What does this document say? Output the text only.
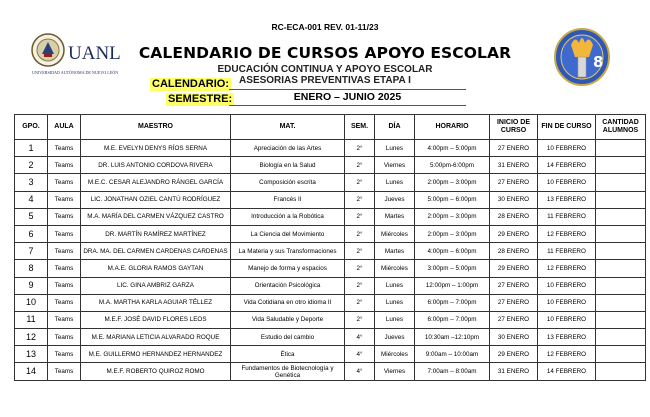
RC-ECA-001 REV. 01-11/23
UANL
UNIVERSIDAD AUTÓNOMA DE NUEVO LEÓN
8
CALENDARIO DE CURSOS APOYO ESCOLAR
EDUCACIÓN CONTINUA Y APOYO ESCOLAR
ASESORIAS PREVENTIVAS ETAPA I
CALENDARIO:
SEMESTRE:	ENERO – JUNIO 2025
GPO.	AULA	MAESTRO	MAT.	SEM.	DÍA	HORARIO	INICIO DE CURSO	FIN DE CURSO	CANTIDAD ALUMNOS
1	Teams	M.E. EVELYN DENYS RÍOS SERNA	Apreciación de las Artes	2°	Lunes	4:00pm – 5:00pm	27 ENERO	10 FEBRERO	
2	Teams	DR. LUIS ANTONIO CORDOVA RIVERA	Biología en la Salud	2°	Viernes	5:00pm-6:00pm	31 ENERO	14 FEBRERO	
3	Teams	M.E.C. CESAR ALEJANDRO RÁNGEL GARCÍA	Composición escrita	2°	Lunes	2:00pm – 3:00pm	27 ENERO	10 FEBRERO	
4	Teams	LIC. JONATHAN OZIEL CANTÚ RODRÍGUEZ	Francés II	2°	Jueves	5:00pm – 6:00pm	30 ENERO	13 FEBRERO	
5	Teams	M.A. MARÍA DEL CARMEN VÁZQUEZ CASTRO	Introducción a la Robótica	2°	Martes	2:00pm – 3:00pm	28 ENERO	11 FEBRERO	
6	Teams	DR. MARTÍN RAMÍREZ MARTÍNEZ	La Ciencia del Movimiento	2°	Miércoles	2:00pm – 3:00pm	29 ENERO	12 FEBRERO	
7	Teams	DRA. MA. DEL CARMEN CARDENAS CARDENAS	La Materia y sus Transformaciones	2°	Martes	4:00pm – 6:00pm	28 ENERO	11 FEBRERO	
8	Teams	M.A.E. GLORIA RAMOS GAYTAN	Manejo de forma y espacios	2°	Miércoles	3:00pm – 5:00pm	29 ENERO	12 FEBRERO	
9	Teams	LIC. GINA AMBRIZ GARZA	Orientación Psicológica	2°	Lunes	12:00pm – 1:00pm	27 ENERO	10 FEBRERO	
10	Teams	M.A. MARTHA KARLA AGUIAR TÉLLEZ	Vida Cotidiana en otro idioma II	2°	Lunes	6:00pm – 7:00pm	27 ENERO	10 FEBRERO	
11	Teams	M.E.F. JOSÉ DAVID FLORES LEOS	Vida Saludable y Deporte	2°	Lunes	6:00pm – 7:00pm	27 ENERO	10 FEBRERO	
12	Teams	M.E. MARIANA LETICIA ALVARADO ROQUE	Estudio del cambio	4°	Jueves	10:30am –12:10pm	30 ENERO	13 FEBRERO	
13	Teams	M.E. GUILLERMO HERNANDEZ HERNANDEZ	Ética	4°	Miércoles	9:00am – 10:00am	29 ENERO	12 FEBRERO	
14	Teams	M.E.F. ROBERTO QUIROZ ROMO	Fundamentos de Biotecnología y Genética	4°	Viernes	7:00am – 8:00am	31 ENERO	14 FEBRERO	
